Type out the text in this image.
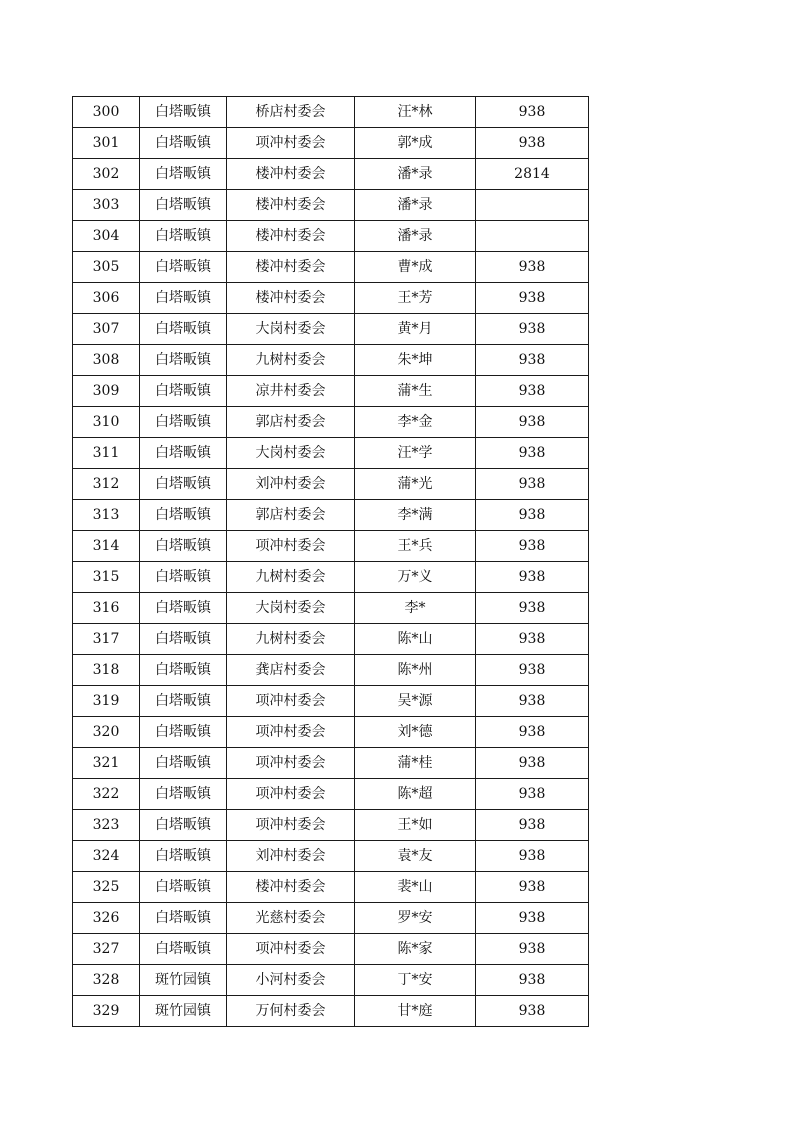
300	白塔畈镇	桥店村委会	汪*林	938
301	白塔畈镇	项冲村委会	郭*成	938
302	白塔畈镇	楼冲村委会	潘*录	2814
303	白塔畈镇	楼冲村委会	潘*录	
304	白塔畈镇	楼冲村委会	潘*录	
305	白塔畈镇	楼冲村委会	曹*成	938
306	白塔畈镇	楼冲村委会	王*芳	938
307	白塔畈镇	大岗村委会	黄*月	938
308	白塔畈镇	九树村委会	朱*坤	938
309	白塔畈镇	凉井村委会	蒲*生	938
310	白塔畈镇	郭店村委会	李*金	938
311	白塔畈镇	大岗村委会	汪*学	938
312	白塔畈镇	刘冲村委会	蒲*光	938
313	白塔畈镇	郭店村委会	李*满	938
314	白塔畈镇	项冲村委会	王*兵	938
315	白塔畈镇	九树村委会	万*义	938
316	白塔畈镇	大岗村委会	李*	938
317	白塔畈镇	九树村委会	陈*山	938
318	白塔畈镇	龚店村委会	陈*州	938
319	白塔畈镇	项冲村委会	吴*源	938
320	白塔畈镇	项冲村委会	刘*德	938
321	白塔畈镇	项冲村委会	蒲*桂	938
322	白塔畈镇	项冲村委会	陈*超	938
323	白塔畈镇	项冲村委会	王*如	938
324	白塔畈镇	刘冲村委会	袁*友	938
325	白塔畈镇	楼冲村委会	裴*山	938
326	白塔畈镇	光慈村委会	罗*安	938
327	白塔畈镇	项冲村委会	陈*家	938
328	斑竹园镇	小河村委会	丁*安	938
329	斑竹园镇	万何村委会	甘*庭	938
